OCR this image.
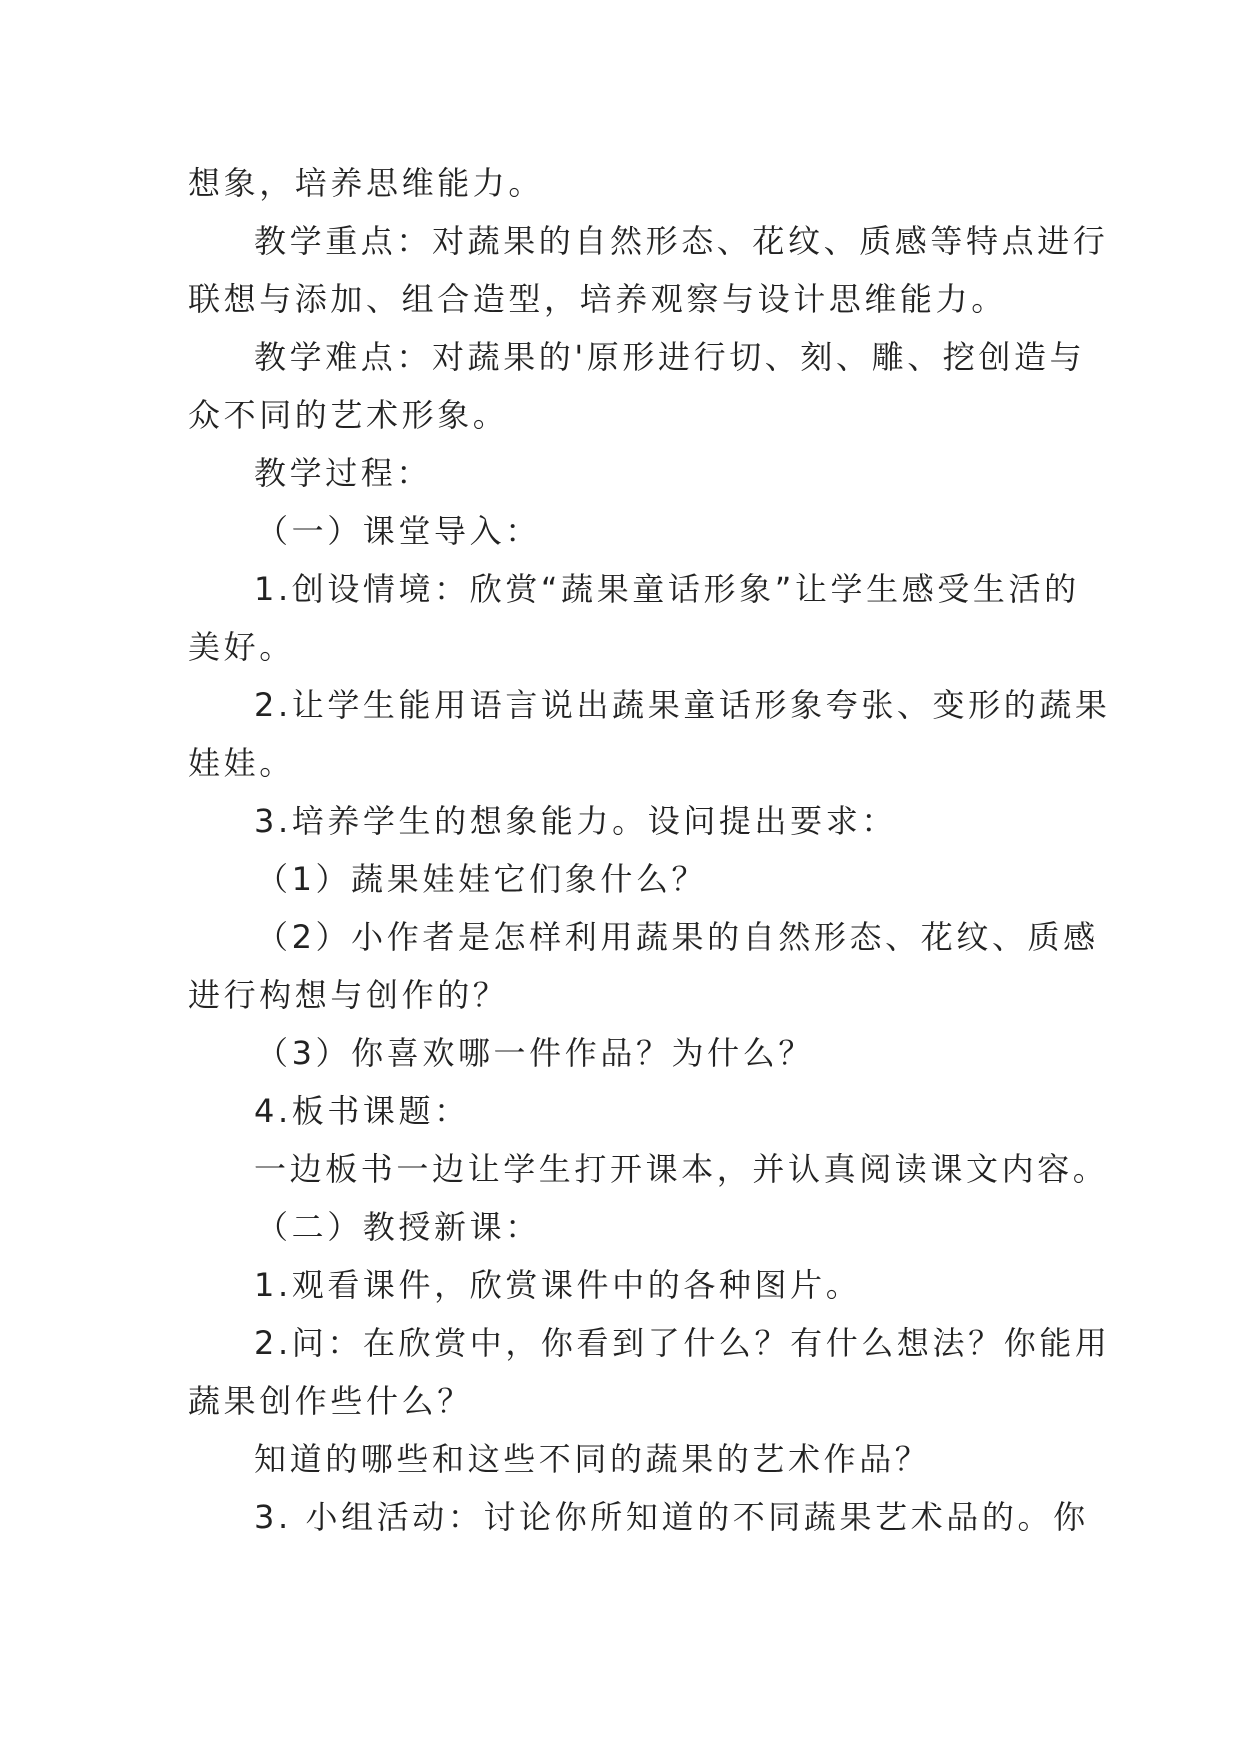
想象，培养思维能力。
教学重点：对蔬果的自然形态、花纹、质感等特点进行
联想与添加、组合造型，培养观察与设计思维能力。
教学难点：对蔬果的'原形进行切、刻、雕、挖创造与
众不同的艺术形象。
教学过程：
（一）课堂导入：
1.创设情境：欣赏“蔬果童话形象”让学生感受生活的
美好。
2.让学生能用语言说出蔬果童话形象夸张、变形的蔬果
娃娃。
3.培养学生的想象能力。设问提出要求：
（1）蔬果娃娃它们象什么？
（2）小作者是怎样利用蔬果的自然形态、花纹、质感
进行构想与创作的？
（3）你喜欢哪一件作品？为什么？
4.板书课题：
一边板书一边让学生打开课本，并认真阅读课文内容。
（二）教授新课：
1.观看课件，欣赏课件中的各种图片。
2.问：在欣赏中，你看到了什么？有什么想法？你能用
蔬果创作些什么？
知道的哪些和这些不同的蔬果的艺术作品？
3. 小组活动：讨论你所知道的不同蔬果艺术品的。你
